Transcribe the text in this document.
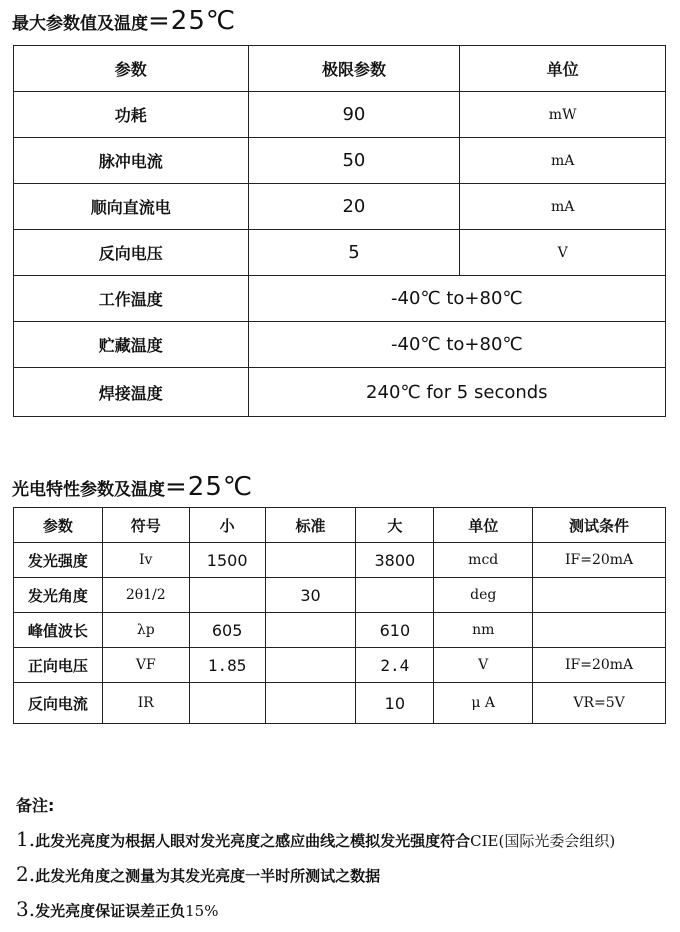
最大参数值及温度=25℃
参数	极限参数	单位
功耗	90	mW
脉冲电流	50	mA
顺向直流电	20	mA
反向电压	5	V
工作温度	-40℃ to+80℃	
贮藏温度	-40℃ to+80℃	
焊接温度	240℃ for 5 seconds	
光电特性参数及温度=25℃
参数	符号	小	标准	大	单位	测试条件
发光强度	Iv	1500		3800	mcd	IF=20mA
发光角度	2θ1/2		30		deg	
峰值波长	λp	605		610	nm	
正向电压	VF	1.85		2.4	V	IF=20mA
反向电流	IR			10	μ A	VR=5V
备注:
1.此发光亮度为根据人眼对发光亮度之感应曲线之模拟发光强度符合CIE(国际光委会组织)
2.此发光角度之测量为其发光亮度一半时所测试之数据
3.发光亮度保证误差正负15%
